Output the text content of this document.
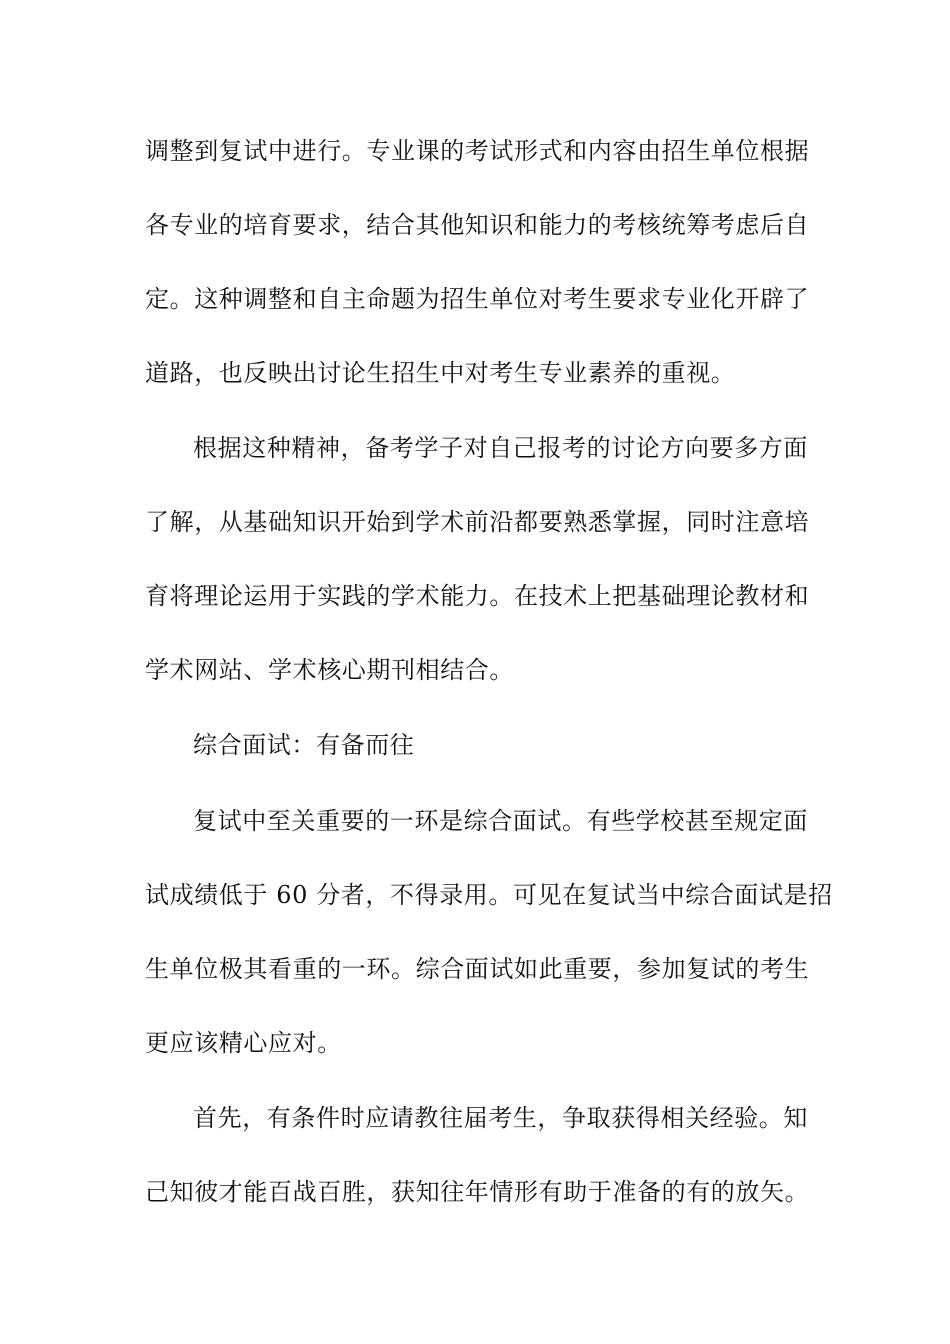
调整到复试中进行。专业课的考试形式和内容由招生单位根据
各专业的培育要求，结合其他知识和能力的考核统筹考虑后自
定。这种调整和自主命题为招生单位对考生要求专业化开辟了
道路，也反映出讨论生招生中对考生专业素养的重视。
根据这种精神，备考学子对自己报考的讨论方向要多方面
了解，从基础知识开始到学术前沿都要熟悉掌握，同时注意培
育将理论运用于实践的学术能力。在技术上把基础理论教材和
学术网站、学术核心期刊相结合。
综合面试：有备而往
复试中至关重要的一环是综合面试。有些学校甚至规定面
试成绩低于 60 分者，不得录用。可见在复试当中综合面试是招
生单位极其看重的一环。综合面试如此重要，参加复试的考生
更应该精心应对。
首先，有条件时应请教往届考生，争取获得相关经验。知
己知彼才能百战百胜，获知往年情形有助于准备的有的放矢。
